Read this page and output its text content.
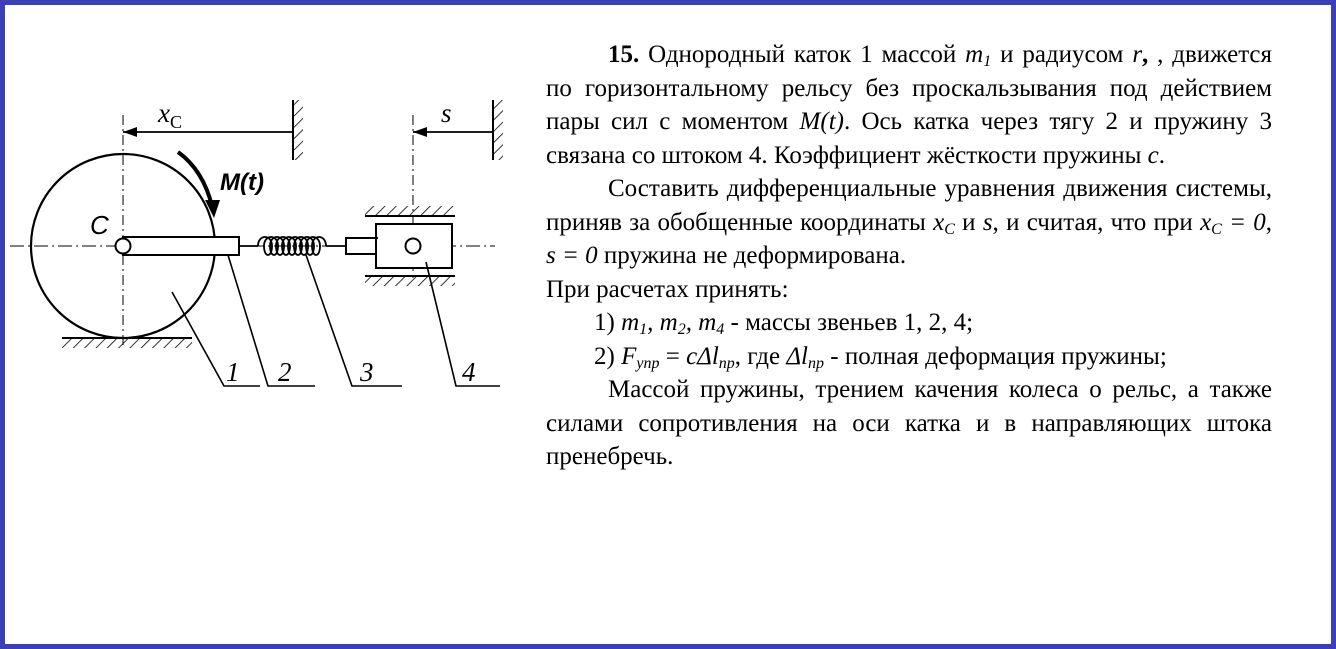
$x_C$	s
M(t)
C
1 2	3	4

15. Однородный каток 1 массой $m_1$ и радиусом r, , движется по горизонтальному рельсу без проскальзывания под действием пары сил с моментом M(t). Ось катка через тягу 2 и пружину 3 связана со штоком 4. Коэффициент жёсткости пружины c.

Составить дифференциальные уравнения движения системы, приняв за обобщенные координаты $x_C$ и s, и считая, что при $x_C = 0$, s = 0 пружина не деформирована.

При расчетах принять:

1) $m_1$, $m_2$, $m_4$ - массы звеньев 1, 2, 4;

2) $F_{упр} = c\Delta l_{пр}$, где $\Delta l_{пр}$ - полная деформация пружины;

Массой пружины, трением качения колеса о рельс, а также силами сопротивления на оси катка и в направляющих штока пренебречь.
